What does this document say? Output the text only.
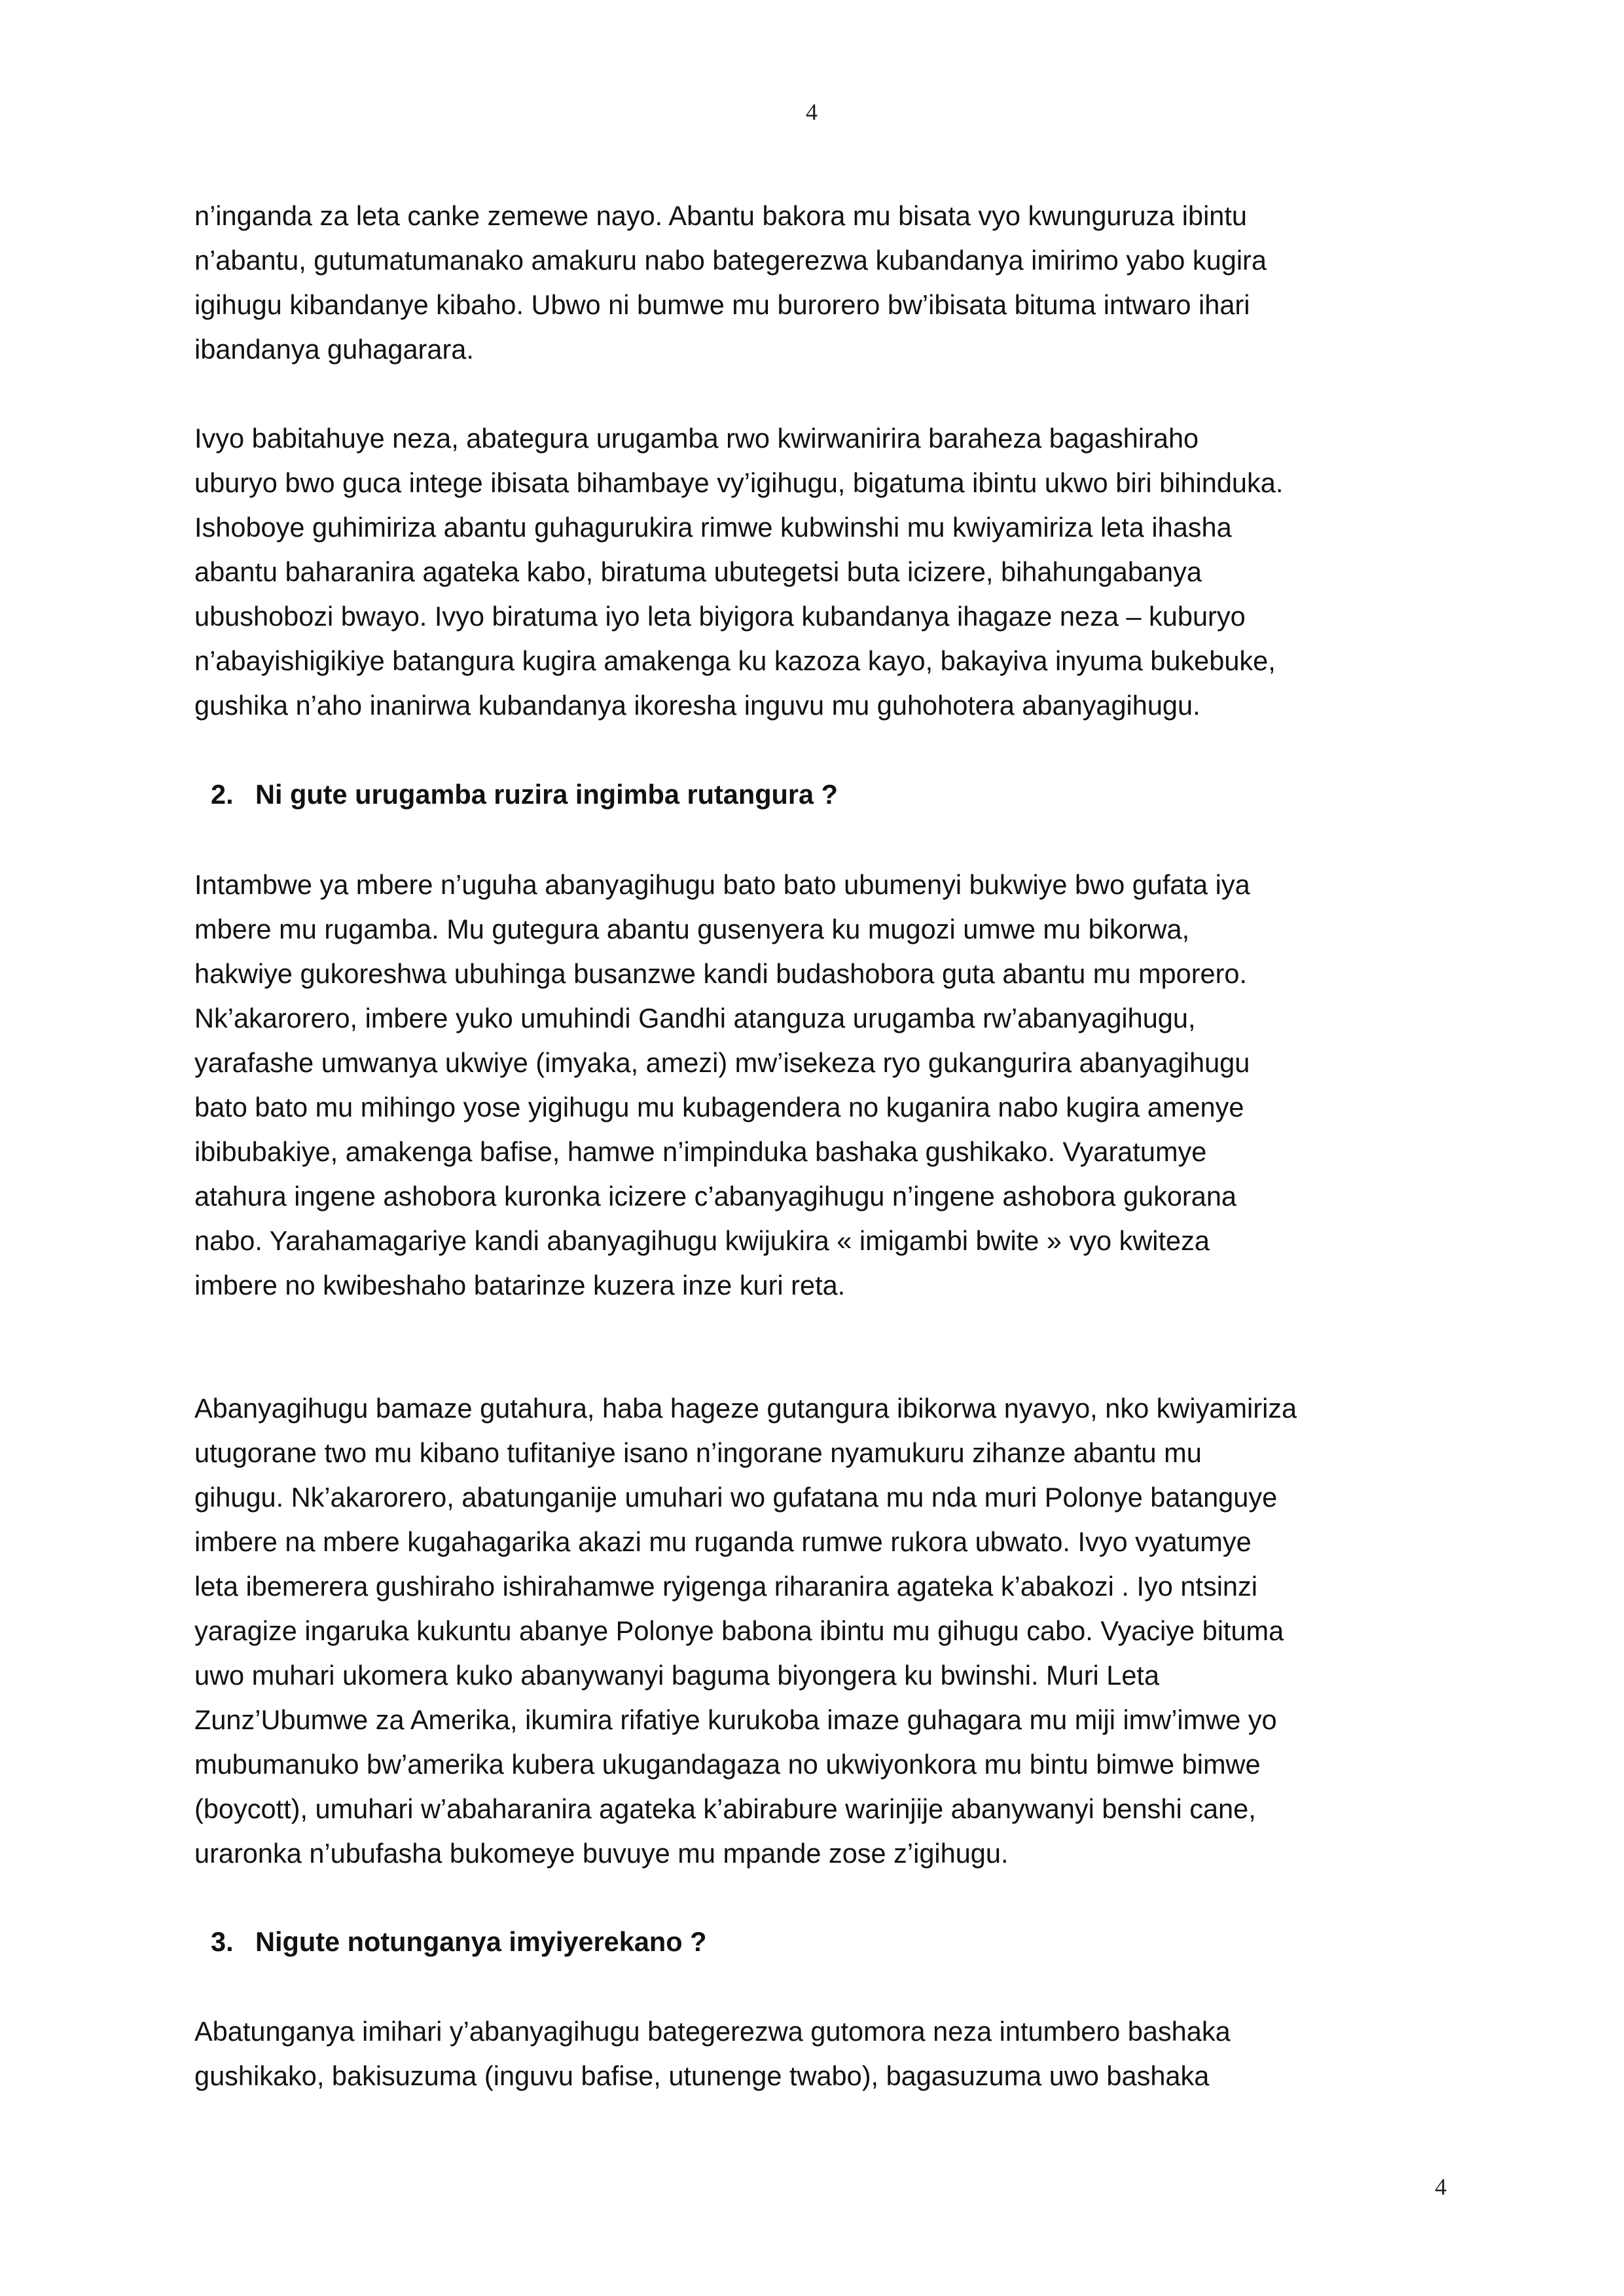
4
n’inganda za leta canke zemewe nayo. Abantu bakora mu bisata vyo kwunguruza ibintu
n’abantu, gutumatumanako amakuru nabo bategerezwa kubandanya imirimo yabo kugira
igihugu kibandanye kibaho. Ubwo ni bumwe mu burorero bw’ibisata bituma intwaro ihari
ibandanya guhagarara.
Ivyo babitahuye neza, abategura urugamba rwo kwirwanirira baraheza bagashiraho
uburyo bwo guca intege ibisata bihambaye vy’igihugu, bigatuma ibintu ukwo biri bihinduka.
Ishoboye guhimiriza abantu guhagurukira rimwe kubwinshi mu kwiyamiriza leta ihasha
abantu baharanira agateka kabo, biratuma ubutegetsi buta icizere, bihahungabanya
ubushobozi bwayo. Ivyo biratuma iyo leta biyigora kubandanya ihagaze neza – kuburyo
n’abayishigikiye batangura kugira amakenga ku kazoza kayo, bakayiva inyuma bukebuke,
gushika n’aho inanirwa kubandanya ikoresha inguvu mu guhohotera abanyagihugu.
2. Ni gute urugamba ruzira ingimba rutangura ?
Intambwe ya mbere n’uguha abanyagihugu bato bato ubumenyi bukwiye bwo gufata iya
mbere mu rugamba. Mu gutegura abantu gusenyera ku mugozi umwe mu bikorwa,
hakwiye gukoreshwa ubuhinga busanzwe kandi budashobora guta abantu mu mporero.
Nk’akarorero, imbere yuko umuhindi Gandhi atanguza urugamba rw’abanyagihugu,
yarafashe umwanya ukwiye (imyaka, amezi) mw’isekeza ryo gukangurira abanyagihugu
bato bato mu mihingo yose yigihugu mu kubagendera no kuganira nabo kugira amenye
ibibubakiye, amakenga bafise, hamwe n’impinduka bashaka gushikako. Vyaratumye
atahura ingene ashobora kuronka icizere c’abanyagihugu n’ingene ashobora gukorana
nabo. Yarahamagariye kandi abanyagihugu kwijukira « imigambi bwite » vyo kwiteza
imbere no kwibeshaho batarinze kuzera inze kuri reta.
Abanyagihugu bamaze gutahura, haba hageze gutangura ibikorwa nyavyo, nko kwiyamiriza
utugorane two mu kibano tufitaniye isano n’ingorane nyamukuru zihanze abantu mu
gihugu. Nk’akarorero, abatunganije umuhari wo gufatana mu nda muri Polonye batanguye
imbere na mbere kugahagarika akazi mu ruganda rumwe rukora ubwato. Ivyo vyatumye
leta ibemerera gushiraho ishirahamwe ryigenga riharanira agateka k’abakozi . Iyo ntsinzi
yaragize ingaruka kukuntu abanye Polonye babona ibintu mu gihugu cabo. Vyaciye bituma
uwo muhari ukomera kuko abanywanyi baguma biyongera ku bwinshi. Muri Leta
Zunz’Ubumwe za Amerika, ikumira rifatiye kurukoba imaze guhagara mu miji imw’imwe yo
mubumanuko bw’amerika kubera ukugandagaza no ukwiyonkora mu bintu bimwe bimwe
(boycott), umuhari w’abaharanira agateka k’abirabure warinjije abanywanyi benshi cane,
uraronka n’ubufasha bukomeye buvuye mu mpande zose z’igihugu.
3. Nigute notunganya imyiyerekano ?
Abatunganya imihari y’abanyagihugu bategerezwa gutomora neza intumbero bashaka
gushikako, bakisuzuma (inguvu bafise, utunenge twabo), bagasuzuma uwo bashaka
4
